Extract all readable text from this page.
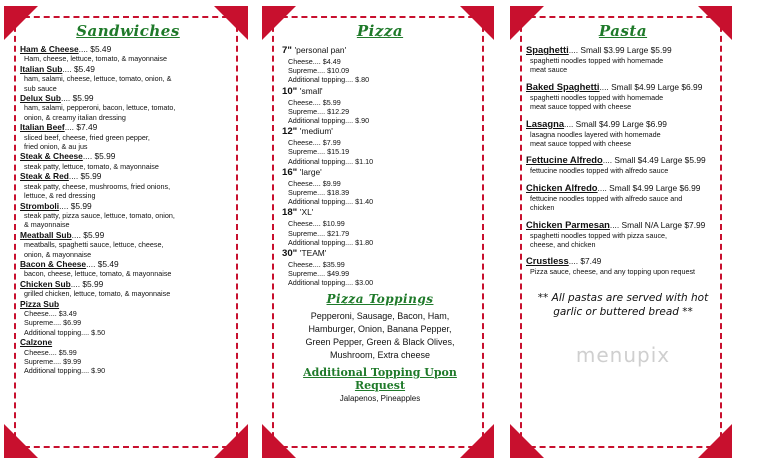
Sandwiches
Ham & Cheese.... $5.49
Ham, cheese, lettuce, tomato, & mayonnaise
Italian Sub.... $5.49
ham, salami, cheese, lettuce, tomato, onion, &
sub sauce
Delux Sub.... $5.99
ham, salami, pepperoni, bacon, lettuce, tomato,
onion, & creamy italian dressing
Italian Beef.... $7.49
sliced beef, cheese, fried green pepper,
fried onion, & au jus
Steak & Cheese.... $5.99
steak patty, lettuce, tomato, & mayonnaise
Steak & Red.... $5.99
steak patty, cheese, mushrooms, fried onions,
lettuce, & red dressing
Stromboli.... $5.99
steak patty, pizza sauce, lettuce, tomato, onion,
& mayonnaise
Meatball Sub.... $5.99
meatballs, spaghetti sauce, lettuce, cheese,
onion, & mayonnaise
Bacon & Cheese.... $5.49
bacon, cheese, lettuce, tomato, & mayonnaise
Chicken Sub.... $5.99
grilled chicken, lettuce, tomato, & mayonnaise
Pizza Sub
Cheese.... $3.49
Supreme.... $6.99
Additional topping.... $.50
Calzone
Cheese.... $5.99
Supreme.... $9.99
Additional topping.... $.90
Pizza
7" 'personal pan'
Cheese.... $4.49
Supreme.... $10.09
Additional topping.... $.80
10" 'small'
Cheese.... $5.99
Supreme.... $12.29
Additional topping.... $.90
12" 'medium'
Cheese.... $7.99
Supreme.... $15.19
Additional topping.... $1.10
16" 'large'
Cheese.... $9.99
Supreme.... $18.39
Additional topping.... $1.40
18" 'XL'
Cheese.... $10.99
Supreme.... $21.79
Additional topping.... $1.80
30" 'TEAM'
Cheese.... $35.99
Supreme.... $49.99
Additional topping.... $3.00
Pizza Toppings
Pepperoni, Sausage, Bacon, Ham,
Hamburger, Onion, Banana Pepper,
Green Pepper, Green & Black Olives,
Mushroom, Extra cheese
Additional Topping Upon Request
Jalapenos, Pineapples
Pasta
Spaghetti.... Small $3.99 Large $5.99
spaghetti noodles topped with homemade
meat sauce
Baked Spaghetti.... Small $4.99 Large $6.99
spaghetti noodles topped with homemade
meat sauce topped with cheese
Lasagna.... Small $4.99 Large $6.99
lasagna noodles layered with homemade
meat sauce topped with cheese
Fettucine Alfredo.... Small $4.49 Large $5.99
fettucine noodles topped with alfredo sauce
Chicken Alfredo.... Small $4.99 Large $6.99
fettucine noodles topped with alfredo sauce and
chicken
Chicken Parmesan.... Small N/A Large $7.99
spaghetti noodles topped with pizza sauce,
cheese, and chicken
Crustless.... $7.49
Pizza sauce, cheese, and any topping upon request
** All pastas are served with hot garlic or buttered bread **
menupix
